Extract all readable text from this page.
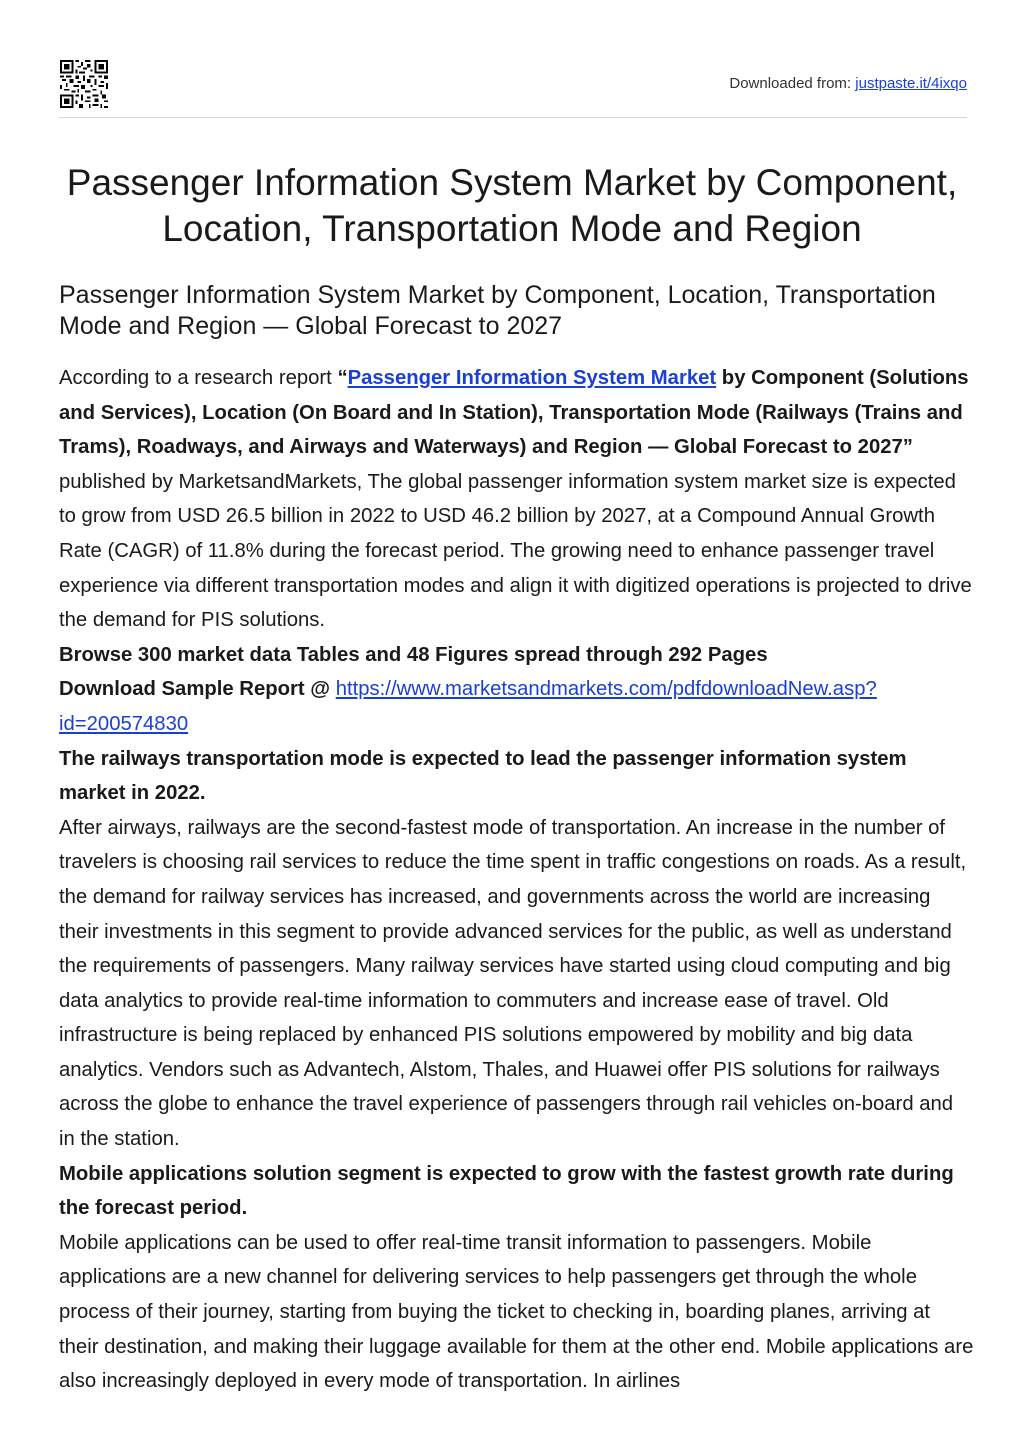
Downloaded from: justpaste.it/4ixqo
Passenger Information System Market by Component, Location, Transportation Mode and Region
Passenger Information System Market by Component, Location, Transportation Mode and Region — Global Forecast to 2027

According to a research report “Passenger Information System Market by Component (Solutions and Services), Location (On Board and In Station), Transportation Mode (Railways (Trains and Trams), Roadways, and Airways and Waterways) and Region — Global Forecast to 2027” published by MarketsandMarkets, The global passenger information system market size is expected to grow from USD 26.5 billion in 2022 to USD 46.2 billion by 2027, at a Compound Annual Growth Rate (CAGR) of 11.8% during the forecast period. The growing need to enhance passenger travel experience via different transportation modes and align it with digitized operations is projected to drive the demand for PIS solutions.

Browse 300 market data Tables and 48 Figures spread through 292 Pages

Download Sample Report @ https://www.marketsandmarkets.com/pdfdownloadNew.asp?id=200574830

The railways transportation mode is expected to lead the passenger information system market in 2022.

After airways, railways are the second-fastest mode of transportation. An increase in the number of travelers is choosing rail services to reduce the time spent in traffic congestions on roads. As a result, the demand for railway services has increased, and governments across the world are increasing their investments in this segment to provide advanced services for the public, as well as understand the requirements of passengers. Many railway services have started using cloud computing and big data analytics to provide real-time information to commuters and increase ease of travel. Old infrastructure is being replaced by enhanced PIS solutions empowered by mobility and big data analytics. Vendors such as Advantech, Alstom, Thales, and Huawei offer PIS solutions for railways across the globe to enhance the travel experience of passengers through rail vehicles on-board and in the station.

Mobile applications solution segment is expected to grow with the fastest growth rate during the forecast period.

Mobile applications can be used to offer real-time transit information to passengers. Mobile applications are a new channel for delivering services to help passengers get through the whole process of their journey, starting from buying the ticket to checking in, boarding planes, arriving at their destination, and making their luggage available for them at the other end. Mobile applications are also increasingly deployed in every mode of transportation. In airlines
